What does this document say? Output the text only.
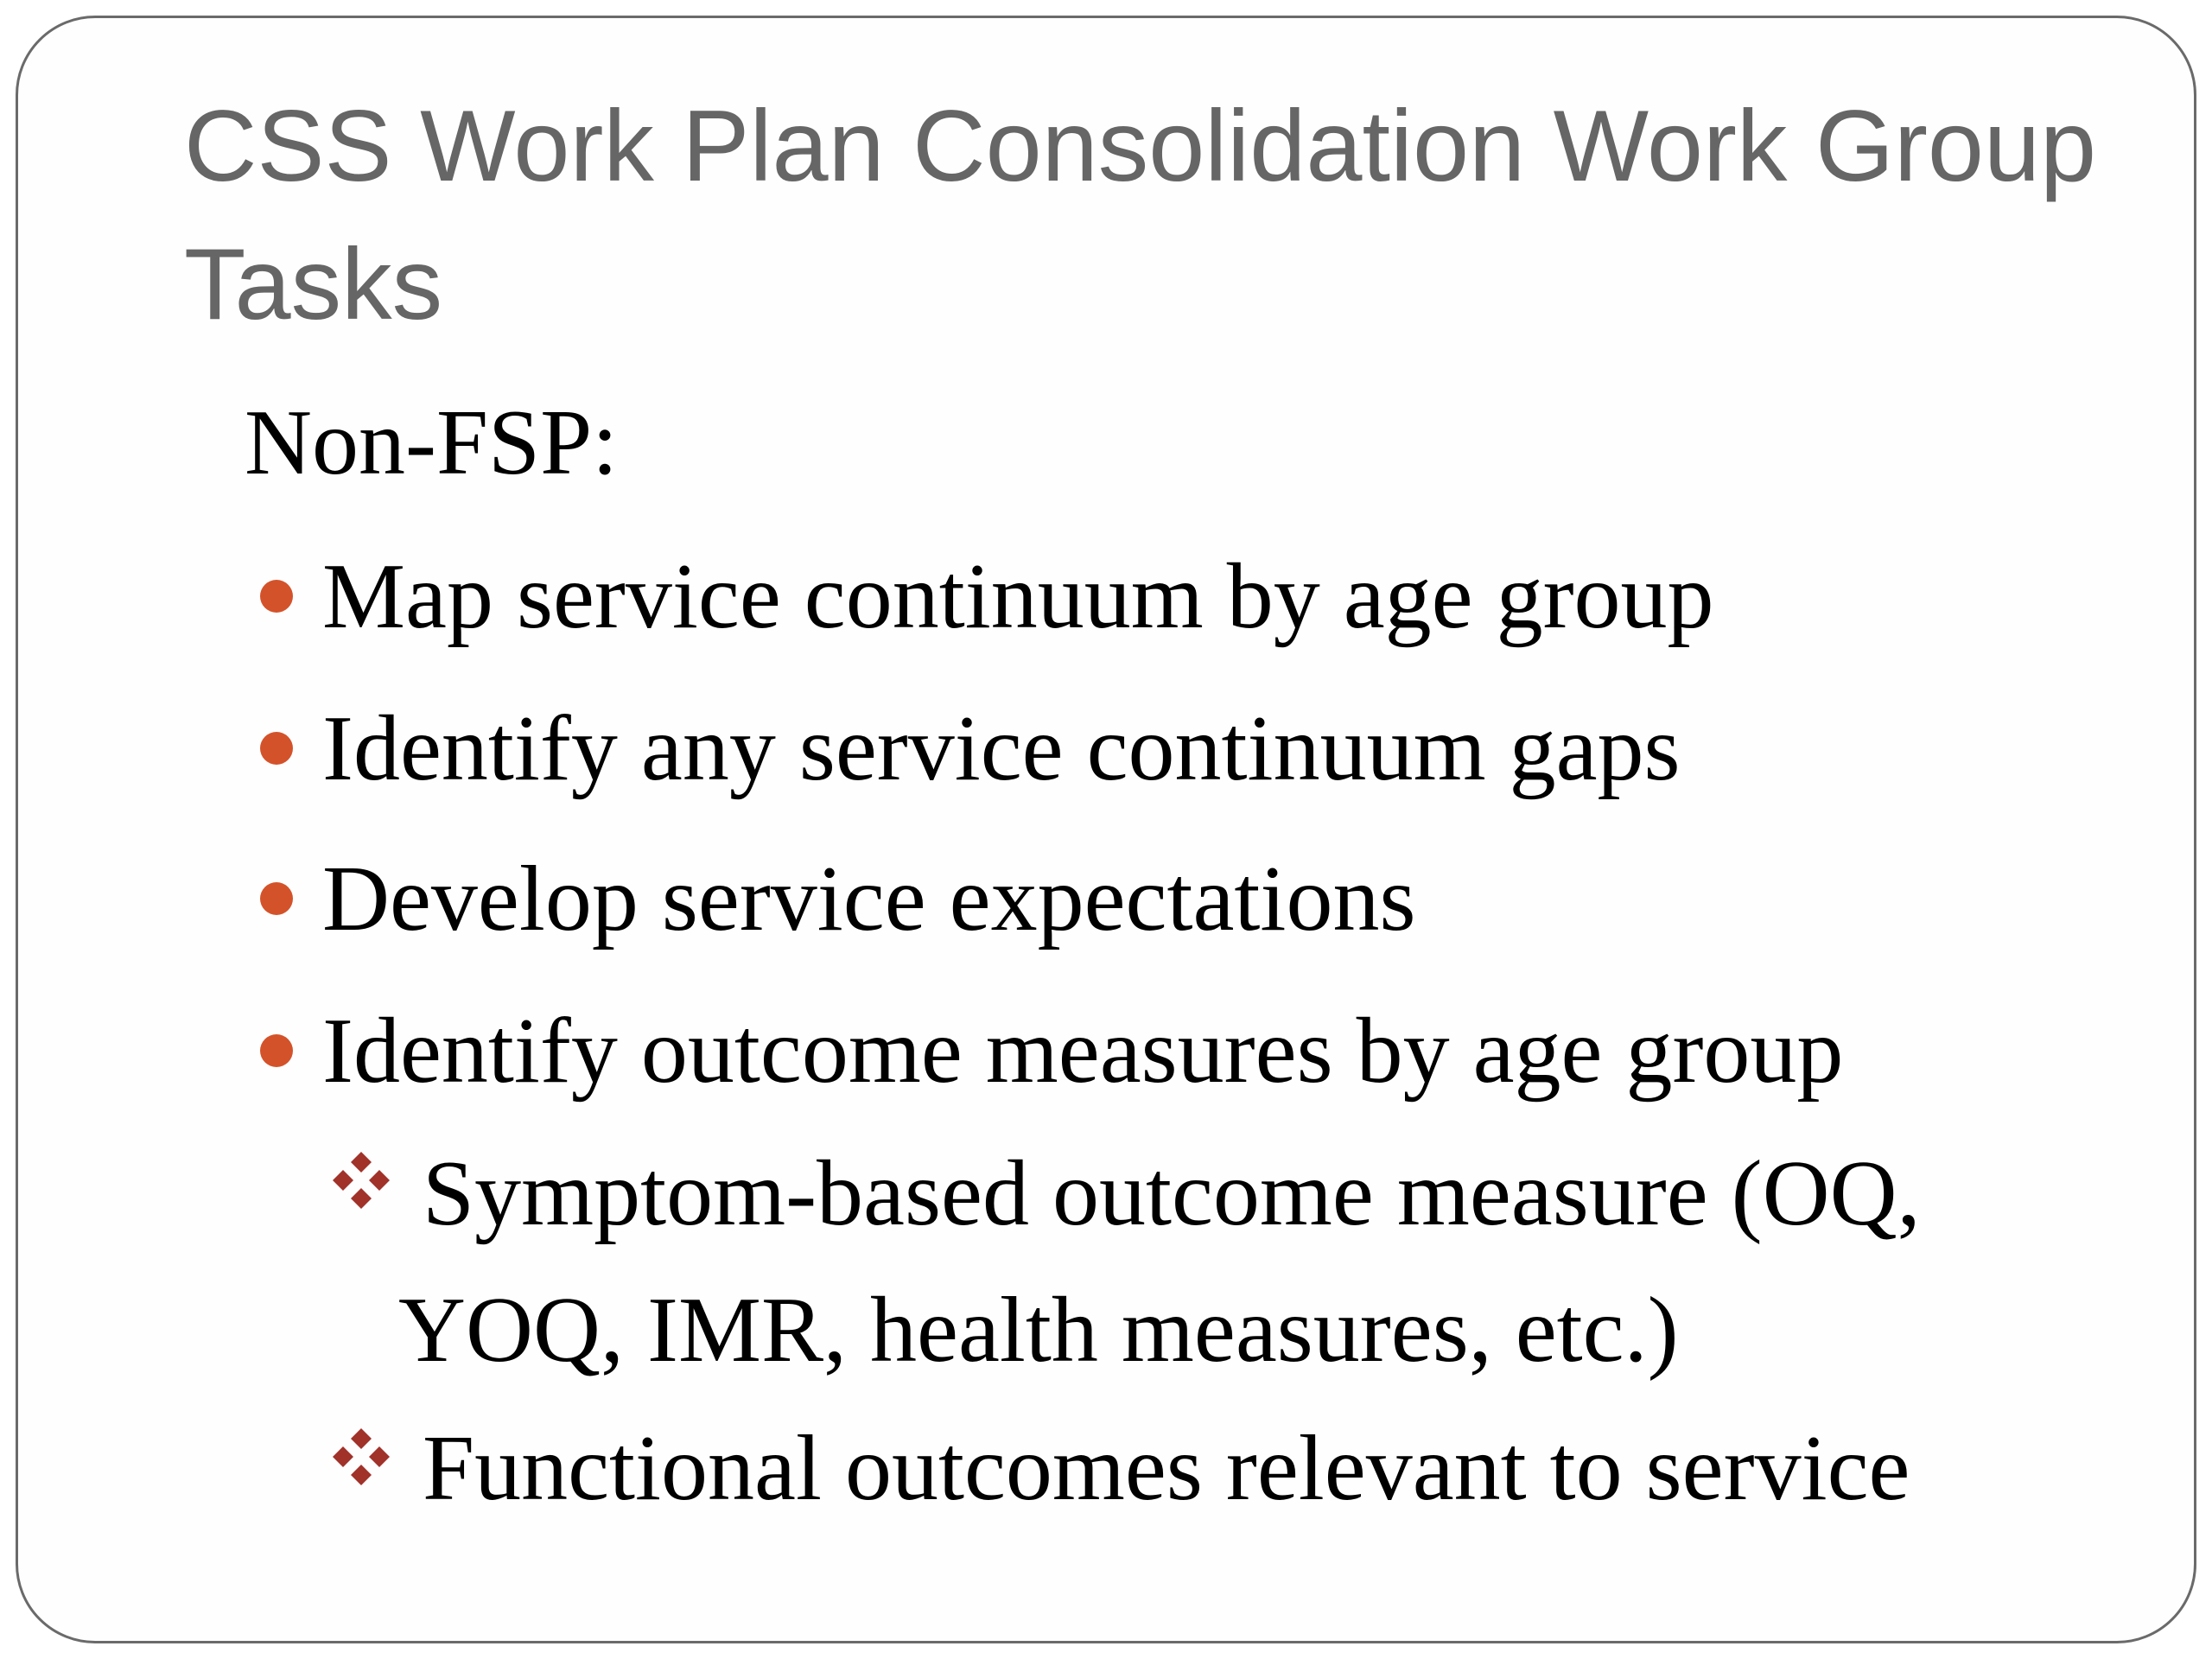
CSS Work Plan Consolidation Work Group Tasks

Non-FSP:

Map service continuum by age group

Identify any service continuum gaps

Develop service expectations

Identify outcome measures by age group

Symptom-based outcome measure (OQ,

YOQ, IMR, health measures, etc.)

Functional outcomes relevant to service
